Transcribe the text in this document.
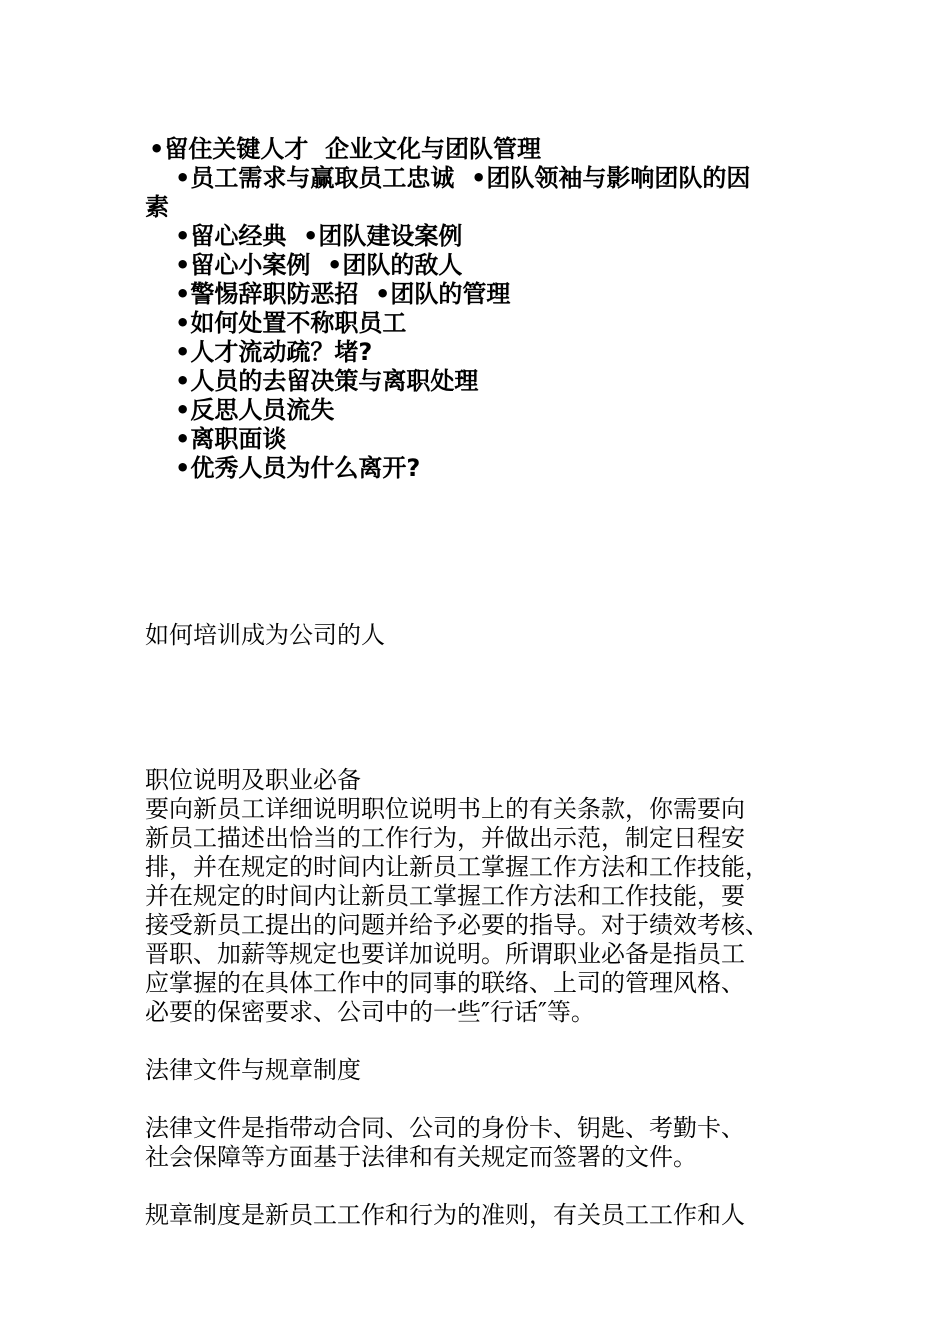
•留住关键人才  企业文化与团队管理

•员工需求与赢取员工忠诚  •团队领袖与影响团队的因

素

•留心经典  •团队建设案例

•留心小案例  •团队的敌人

•警惕辞职防恶招  •团队的管理

•如何处置不称职员工

•人才流动疏？堵?

•人员的去留决策与离职处理

•反思人员流失

•离职面谈

•优秀人员为什么离开?

如何培训成为公司的人

职位说明及职业必备

要向新员工详细说明职位说明书上的有关条款，你需要向

新员工描述出恰当的工作行为，并做出示范，制定日程安

排，并在规定的时间内让新员工掌握工作方法和工作技能，

并在规定的时间内让新员工掌握工作方法和工作技能，要

接受新员工提出的问题并给予必要的指导。对于绩效考核、

晋职、加薪等规定也要详加说明。所谓职业必备是指员工

应掌握的在具体工作中的同事的联络、上司的管理风格、

必要的保密要求、公司中的一些″行话″等。

法律文件与规章制度

法律文件是指带动合同、公司的身份卡、钥匙、考勤卡、

社会保障等方面基于法律和有关规定而签署的文件。

规章制度是新员工工作和行为的准则，有关员工工作和人
